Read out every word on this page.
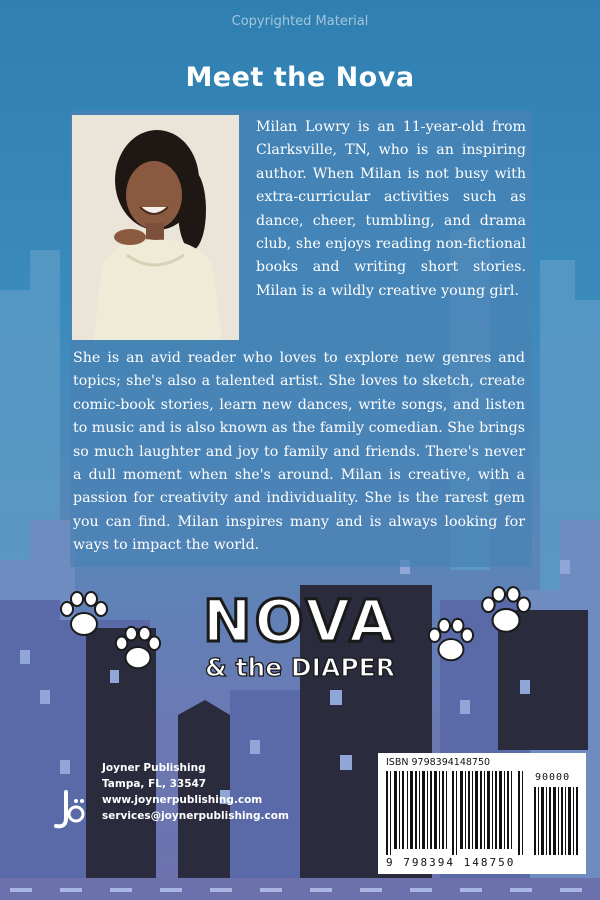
Copyrighted Material
Meet the Nova
Milan Lowry is an 11-year-old from Clarksville, TN, who is an inspiring author. When Milan is not busy with extra-curricular activities such as dance, cheer, tumbling, and drama club, she enjoys reading non-fictional books and writing short stories. Milan is a wildly creative young girl.
She is an avid reader who loves to explore new genres and topics; she's also a talented artist. She loves to sketch, create comic-book stories, learn new dances, write songs, and listen to music and is also known as the family comedian. She brings so much laughter and joy to family and friends. There's never a dull moment when she's around. Milan is creative, with a passion for creativity and individuality. She is the rarest gem you can find. Milan inspires many and is always looking for ways to impact the world.
NOVA
& the DIAPER
Joyner Publishing
Tampa, FL, 33547
www.joynerpublishing.com
services@joynerpublishing.com
ISBN 9798394148750
90000
9 798394 148750
